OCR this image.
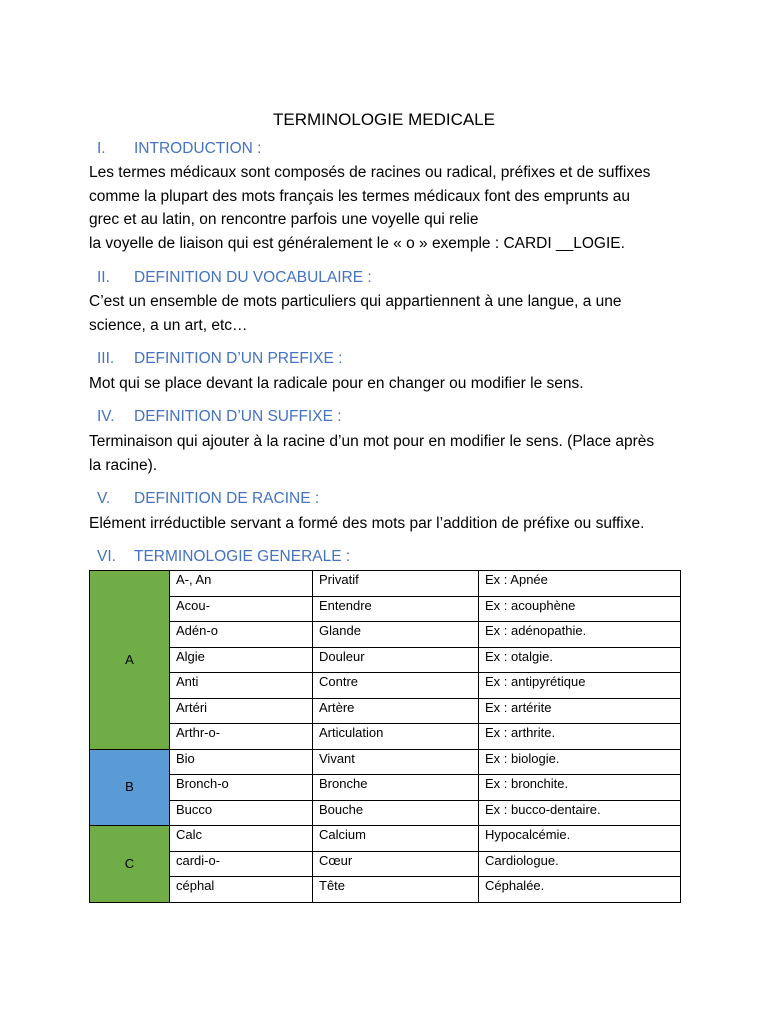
TERMINOLOGIE MEDICALE
I. INTRODUCTION :
Les termes médicaux sont composés de racines ou radical, préfixes et de suffixes
comme la plupart des mots français les termes médicaux font des emprunts au
grec et au latin, on rencontre parfois une voyelle qui relie
la voyelle de liaison qui est généralement le « o » exemple : CARDI __LOGIE.
II. DEFINITION DU VOCABULAIRE :
C’est un ensemble de mots particuliers qui appartiennent à une langue, a une
science, a un art, etc…
III. DEFINITION D’UN PREFIXE :
Mot qui se place devant la radicale pour en changer ou modifier le sens.
IV. DEFINITION D’UN SUFFIXE :
Terminaison qui ajouter à la racine d’un mot pour en modifier le sens. (Place après
la racine).
V. DEFINITION DE RACINE :
Elément irréductible servant a formé des mots par l’addition de préfixe ou suffixe.
VI. TERMINOLOGIE GENERALE :
A	A-, An	Privatif	Ex : Apnée
	Acou-	Entendre	Ex : acouphène
	Adén-o	Glande	Ex : adénopathie.
	Algie	Douleur	Ex : otalgie.
	Anti	Contre	Ex : antipyrétique
	Artéri	Artère	Ex : artérite
	Arthr-o-	Articulation	Ex : arthrite.
B	Bio	Vivant	Ex : biologie.
	Bronch-o	Bronche	Ex : bronchite.
	Bucco	Bouche	Ex : bucco-dentaire.
C	Calc	Calcium	Hypocalcémie.
	cardi-o-	Cœur	Cardiologue.
	céphal	Tête	Céphalée.
